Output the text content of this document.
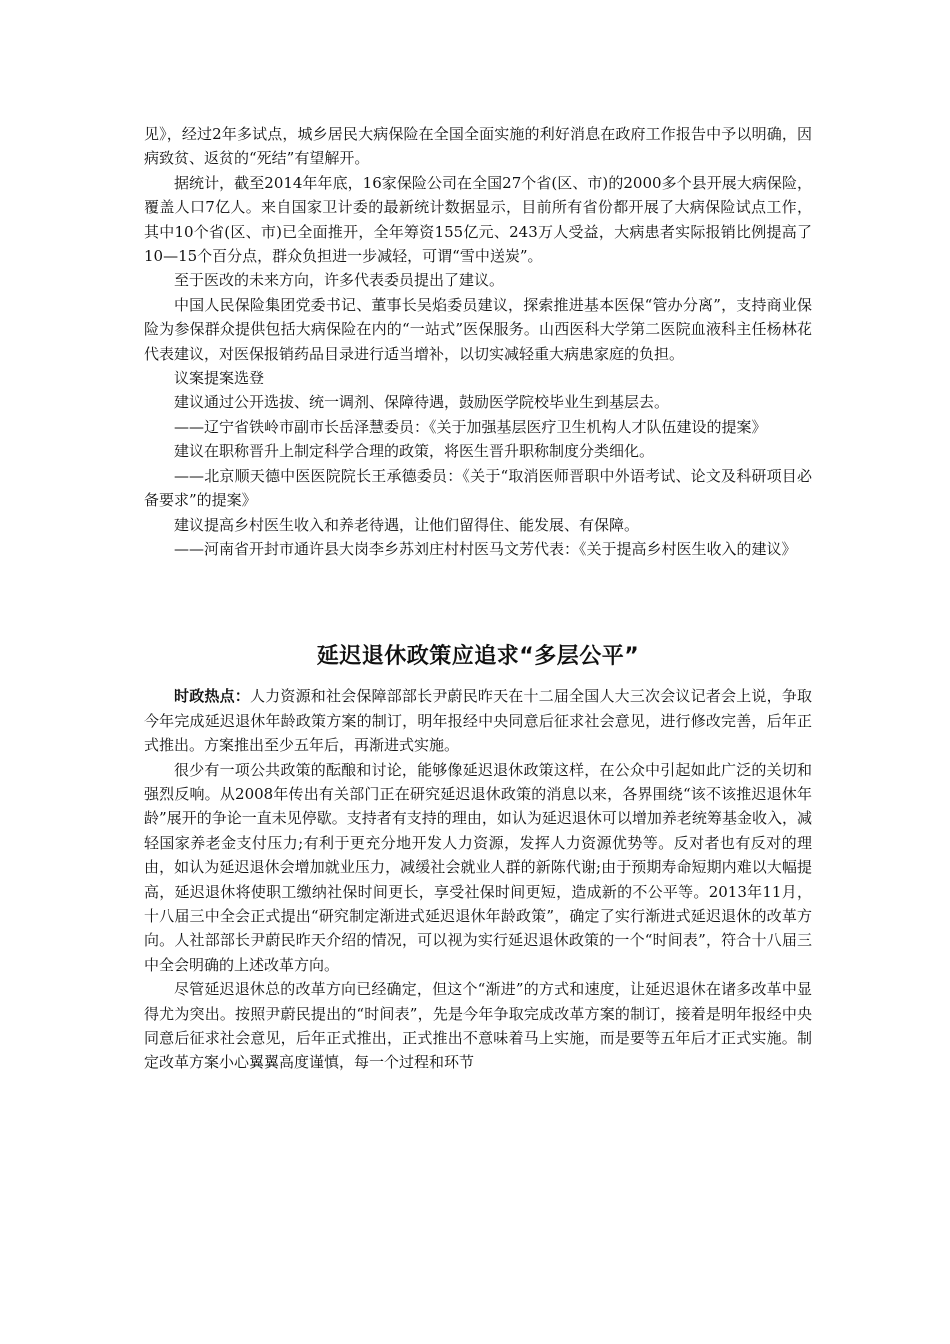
见》，经过2年多试点，城乡居民大病保险在全国全面实施的利好消息在政府工作报告中予以明确，因病致贫、返贫的“死结”有望解开。

据统计，截至2014年年底，16家保险公司在全国27个省(区、市)的2000多个县开展大病保险，覆盖人口7亿人。来自国家卫计委的最新统计数据显示，目前所有省份都开展了大病保险试点工作，其中10个省(区、市)已全面推开，全年筹资155亿元、243万人受益，大病患者实际报销比例提高了10—15个百分点，群众负担进一步减轻，可谓“雪中送炭”。

至于医改的未来方向，许多代表委员提出了建议。

中国人民保险集团党委书记、董事长吴焰委员建议，探索推进基本医保“管办分离”，支持商业保险为参保群众提供包括大病保险在内的“一站式”医保服务。山西医科大学第二医院血液科主任杨林花代表建议，对医保报销药品目录进行适当增补，以切实减轻重大病患家庭的负担。

议案提案选登

建议通过公开选拔、统一调剂、保障待遇，鼓励医学院校毕业生到基层去。

——辽宁省铁岭市副市长岳泽慧委员：《关于加强基层医疗卫生机构人才队伍建设的提案》

建议在职称晋升上制定科学合理的政策，将医生晋升职称制度分类细化。

——北京顺天德中医医院院长王承德委员：《关于“取消医师晋职中外语考试、论文及科研项目必备要求”的提案》

建议提高乡村医生收入和养老待遇，让他们留得住、能发展、有保障。

——河南省开封市通许县大岗李乡苏刘庄村村医马文芳代表：《关于提高乡村医生收入的建议》

延迟退休政策应追求“多层公平”

时政热点：人力资源和社会保障部部长尹蔚民昨天在十二届全国人大三次会议记者会上说，争取今年完成延迟退休年龄政策方案的制订，明年报经中央同意后征求社会意见，进行修改完善，后年正式推出。方案推出至少五年后，再渐进式实施。

很少有一项公共政策的酝酿和讨论，能够像延迟退休政策这样，在公众中引起如此广泛的关切和强烈反响。从2008年传出有关部门正在研究延迟退休政策的消息以来，各界围绕“该不该推迟退休年龄”展开的争论一直未见停歇。支持者有支持的理由，如认为延迟退休可以增加养老统筹基金收入，减轻国家养老金支付压力;有利于更充分地开发人力资源，发挥人力资源优势等。反对者也有反对的理由，如认为延迟退休会增加就业压力，减缓社会就业人群的新陈代谢;由于预期寿命短期内难以大幅提高，延迟退休将使职工缴纳社保时间更长，享受社保时间更短，造成新的不公平等。2013年11月，十八届三中全会正式提出“研究制定渐进式延迟退休年龄政策”，确定了实行渐进式延迟退休的改革方向。人社部部长尹蔚民昨天介绍的情况，可以视为实行延迟退休政策的一个“时间表”，符合十八届三中全会明确的上述改革方向。

尽管延迟退休总的改革方向已经确定，但这个“渐进”的方式和速度，让延迟退休在诸多改革中显得尤为突出。按照尹蔚民提出的“时间表”，先是今年争取完成改革方案的制订，接着是明年报经中央同意后征求社会意见，后年正式推出，正式推出不意味着马上实施，而是要等五年后才正式实施。制定改革方案小心翼翼高度谨慎，每一个过程和环节
